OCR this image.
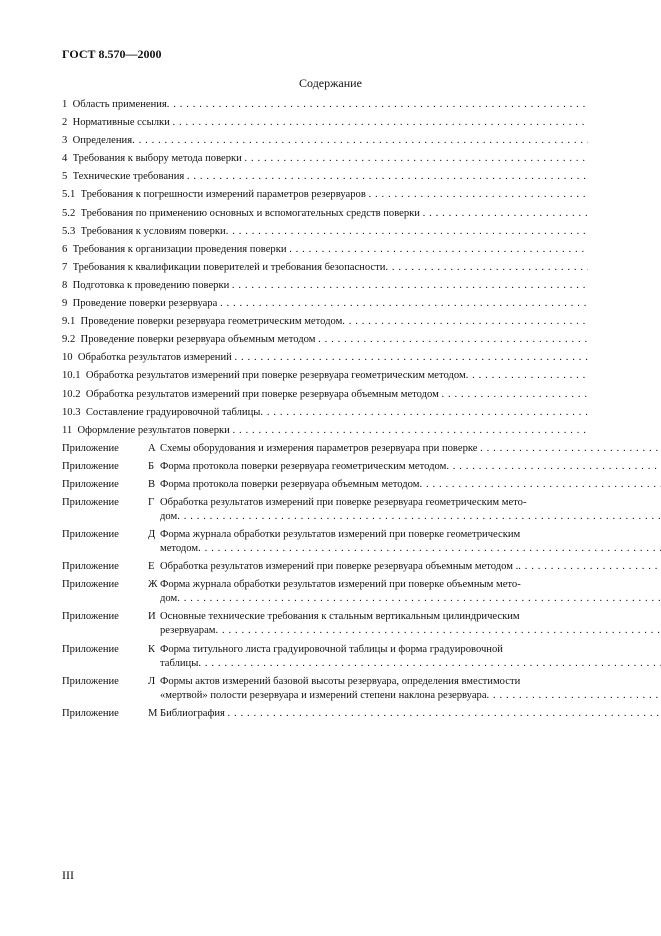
ГОСТ 8.570—2000
Содержание
1 Область применения . . .
2 Нормативные ссылки . . .
3 Определения . . .
4 Требования к выбору метода поверки . . .
5 Технические требования . . .
5.1 Требования к погрешности измерений параметров резервуаров . . .
5.2 Требования по применению основных и вспомогательных средств поверки . . .
5.3 Требования к условиям поверки . . .
6 Требования к организации проведения поверки . . .
7 Требования к квалификации поверителей и требования безопасности . . .
8 Подготовка к проведению поверки . . .
9 Проведение поверки резервуара . . .
9.1 Проведение поверки резервуара геометрическим методом . . .
9.2 Проведение поверки резервуара объемным методом . . .
10 Обработка результатов измерений . . .
10.1 Обработка результатов измерений при поверке резервуара геометрическим методом . . .
10.2 Обработка результатов измерений при поверке резервуара объемным методом . . .
10.3 Составление градуировочной таблицы . . .
11 Оформление результатов поверки . . .
Приложение	А Схемы оборудования и измерения параметров резервуара при поверке . . .
Приложение	Б Форма протокола поверки резервуара геометрическим методом . . .
Приложение	В Форма протокола поверки резервуара объемным методом . . .
Приложение	Г Обработка результатов измерений при поверке резервуара геометрическим мето-
дом
. . .
Приложение	Д Форма журнала обработки результатов измерений при поверке геометрическим
методом
. . .
Приложение	Е Обработка результатов измерений при поверке резервуара объемным методом . . . .
Приложение	Ж Форма журнала обработки результатов измерений при поверке объемным мето-
дом
. . .
Приложение	И Основные технические требования к стальным вертикальным цилиндрическим
резервуарам
. . .
Приложение	К Форма титульного листа градуировочной таблицы и форма градуировочной
таблицы
. . .
Приложение	Л Формы актов измерений базовой высоты резервуара, определения вместимости
«мертвой» полости резервуара и измерений степени наклона резервуара
. . .
Приложение	М Библиография . . .
III
